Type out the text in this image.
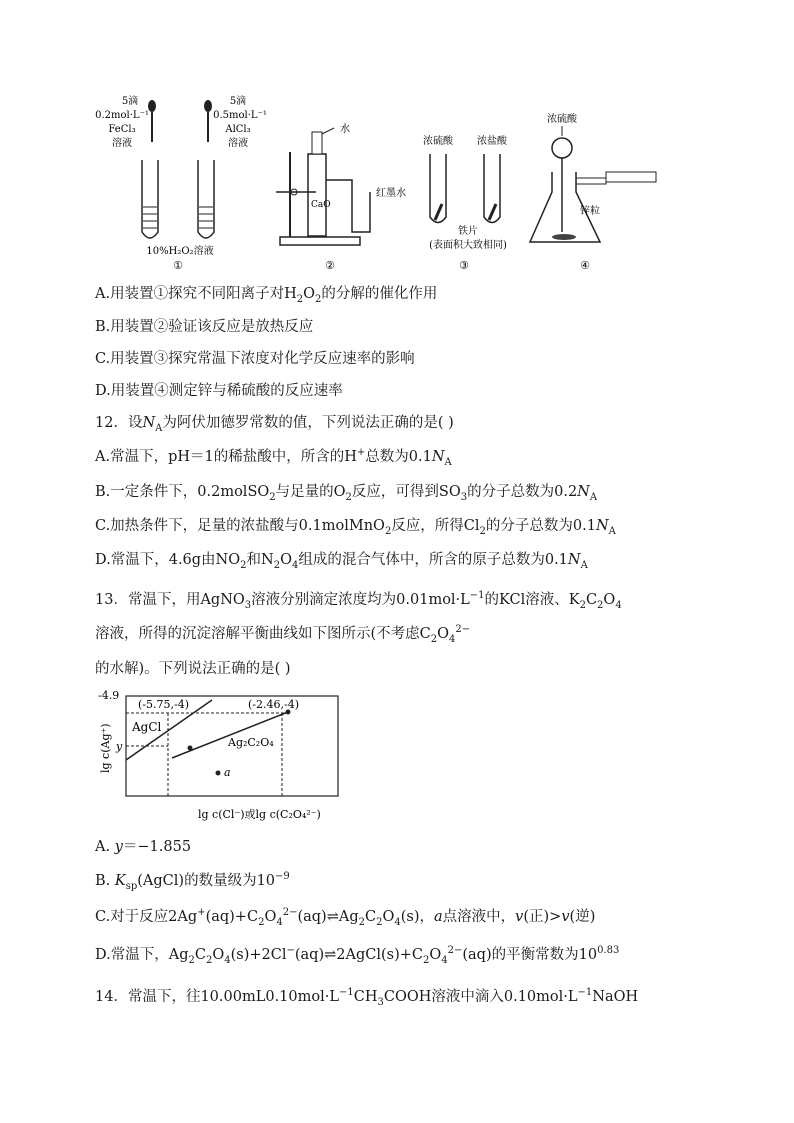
5滴
0.2mol·L⁻¹
FeCl₃
溶液
5滴
0.5mol·L⁻¹
AlCl₃
溶液
10%H₂O₂溶液
①
水
CaO
红墨水
②
浓硫酸 浓盐酸
铁片
(表面积大致相同)
③
浓硫酸
锌粒
④
A.用装置①探究不同阳离子对$H_2O_2$的分解的催化作用
B.用装置②验证该反应是放热反应
C.用装置③探究常温下浓度对化学反应速率的影响
D.用装置④测定锌与稀硫酸的反应速率
12．设$N_A$为阿伏加德罗常数的值，下列说法正确的是( )
A.常温下，pH＝1的稀盐酸中，所含的H+总数为$0.1N_A$
B.一定条件下，0.2molSO$_2$与足量的$O_2$反应，可得到$SO_3$的分子总数为$0.2N_A$
C.加热条件下，足量的浓盐酸与0.1molMnO$_2$反应，所得$Cl_2$的分子总数为$0.1N_A$
D.常温下，4.6g由$NO_2$和$N_2O_4$组成的混合气体中，所含的原子总数为$0.1N_A$
13．常温下，用AgNO$_3$溶液分别滴定浓度均为$0.01mol\cdot L^{-1}$的KCl溶液、$K_2C_2O_4$
溶液，所得的沉淀溶解平衡曲线如下图所示(不考虑$C_2O_4^{2-}$
的水解)。下列说法正确的是( )
-4.9
y
lg c(Ag⁺)
lg c(Cl⁻)或lg c(C₂O₄²⁻)
a
(-5.75,-4)	(-2.46,-4)
AgCl
Ag₂C₂O₄
A. y＝−1.855
B. $K_{sp}(AgCl)$的数量级为$10^{-9}$
C.对于反应$2Ag^+(aq)+C_2O_4^{2-}(aq)\rightleftharpoons Ag_2C_2O_4(s)$，a点溶液中，v(正)>v(逆)
D.常温下，$Ag_2C_2O_4(s)+2Cl^-(aq)\rightleftharpoons 2AgCl(s)+C_2O_4^{2-}(aq)$的平衡常数为$10^{0.83}$
14．常温下，往$10.00mL0.10mol\cdot L^{-1}CH_3COOH$溶液中滴入$0.10mol\cdot L^{-1}NaOH$
